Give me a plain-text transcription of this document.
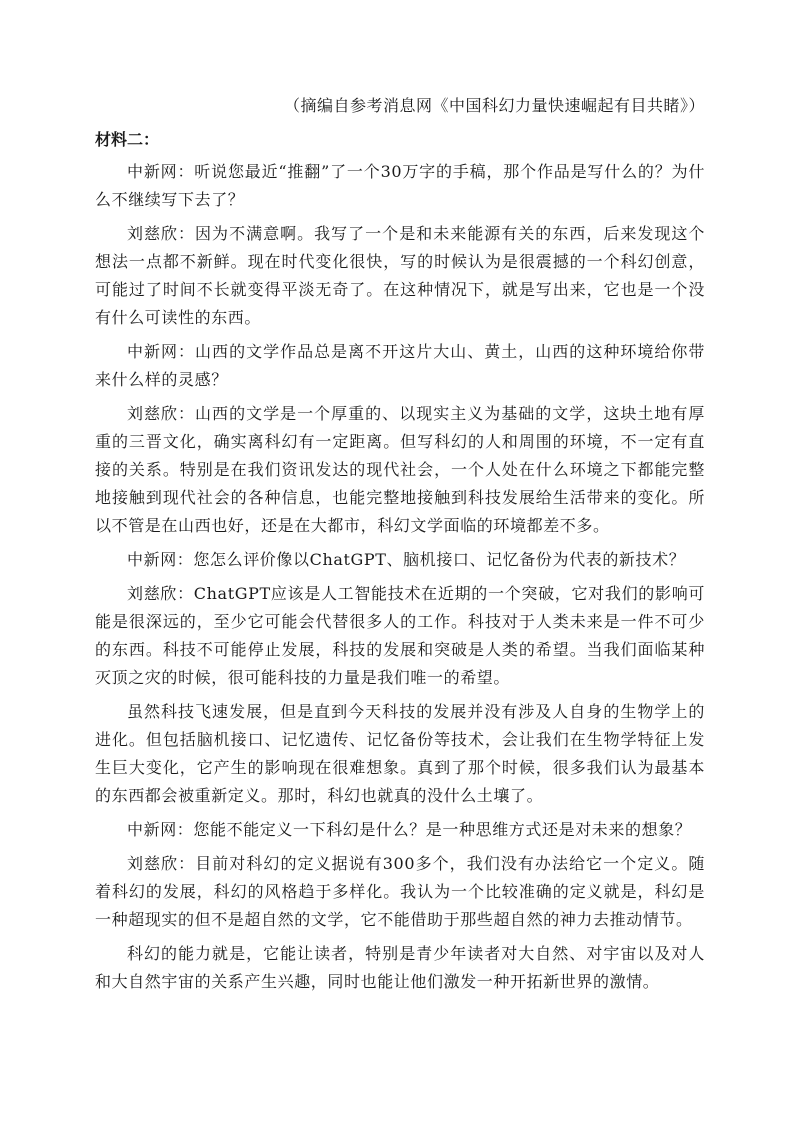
（摘编自参考消息网《中国科幻力量快速崛起有目共睹》）

材料二：

中新网：听说您最近“推翻”了一个30万字的手稿，那个作品是写什么的？为什么不继续写下去了？

刘慈欣：因为不满意啊。我写了一个是和未来能源有关的东西，后来发现这个想法一点都不新鲜。现在时代变化很快，写的时候认为是很震撼的一个科幻创意，可能过了时间不长就变得平淡无奇了。在这种情况下，就是写出来，它也是一个没有什么可读性的东西。

中新网：山西的文学作品总是离不开这片大山、黄土，山西的这种环境给你带来什么样的灵感？

刘慈欣：山西的文学是一个厚重的、以现实主义为基础的文学，这块土地有厚重的三晋文化，确实离科幻有一定距离。但写科幻的人和周围的环境，不一定有直接的关系。特别是在我们资讯发达的现代社会，一个人处在什么环境之下都能完整地接触到现代社会的各种信息，也能完整地接触到科技发展给生活带来的变化。所以不管是在山西也好，还是在大都市，科幻文学面临的环境都差不多。

中新网：您怎么评价像以ChatGPT、脑机接口、记忆备份为代表的新技术？

刘慈欣：ChatGPT应该是人工智能技术在近期的一个突破，它对我们的影响可能是很深远的，至少它可能会代替很多人的工作。科技对于人类未来是一件不可少的东西。科技不可能停止发展，科技的发展和突破是人类的希望。当我们面临某种灭顶之灾的时候，很可能科技的力量是我们唯一的希望。

虽然科技飞速发展，但是直到今天科技的发展并没有涉及人自身的生物学上的进化。但包括脑机接口、记忆遗传、记忆备份等技术，会让我们在生物学特征上发生巨大变化，它产生的影响现在很难想象。真到了那个时候，很多我们认为最基本的东西都会被重新定义。那时，科幻也就真的没什么土壤了。

中新网：您能不能定义一下科幻是什么？是一种思维方式还是对未来的想象？

刘慈欣：目前对科幻的定义据说有300多个，我们没有办法给它一个定义。随着科幻的发展，科幻的风格趋于多样化。我认为一个比较准确的定义就是，科幻是一种超现实的但不是超自然的文学，它不能借助于那些超自然的神力去推动情节。

科幻的能力就是，它能让读者，特别是青少年读者对大自然、对宇宙以及对人和大自然宇宙的关系产生兴趣，同时也能让他们激发一种开拓新世界的激情。
